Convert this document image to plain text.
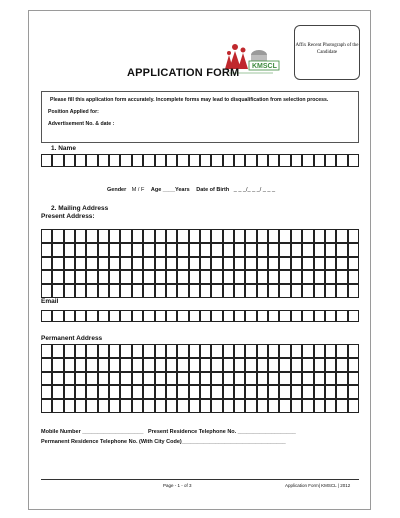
KMSCL
Affix Recent Photograph of the Candidate
APPLICATION FORM
Please fill this application form accurately. Incomplete forms may lead to disqualification from selection process.
Position Applied for:
Advertisement No. & date :
1. Name
Gender M / F Age ____Years Date of Birth _ _ _/_ _ _/ _ _ _
2. Mailing Address
Present Address:
Email
Permanent Address
Mobile Number ____________________ Present Residence Telephone No. ___________________
Permanent Residence Telephone No. (With City Code)__________________________________
Page - 1 - of 3	Application Form| KMSCL | 2012
